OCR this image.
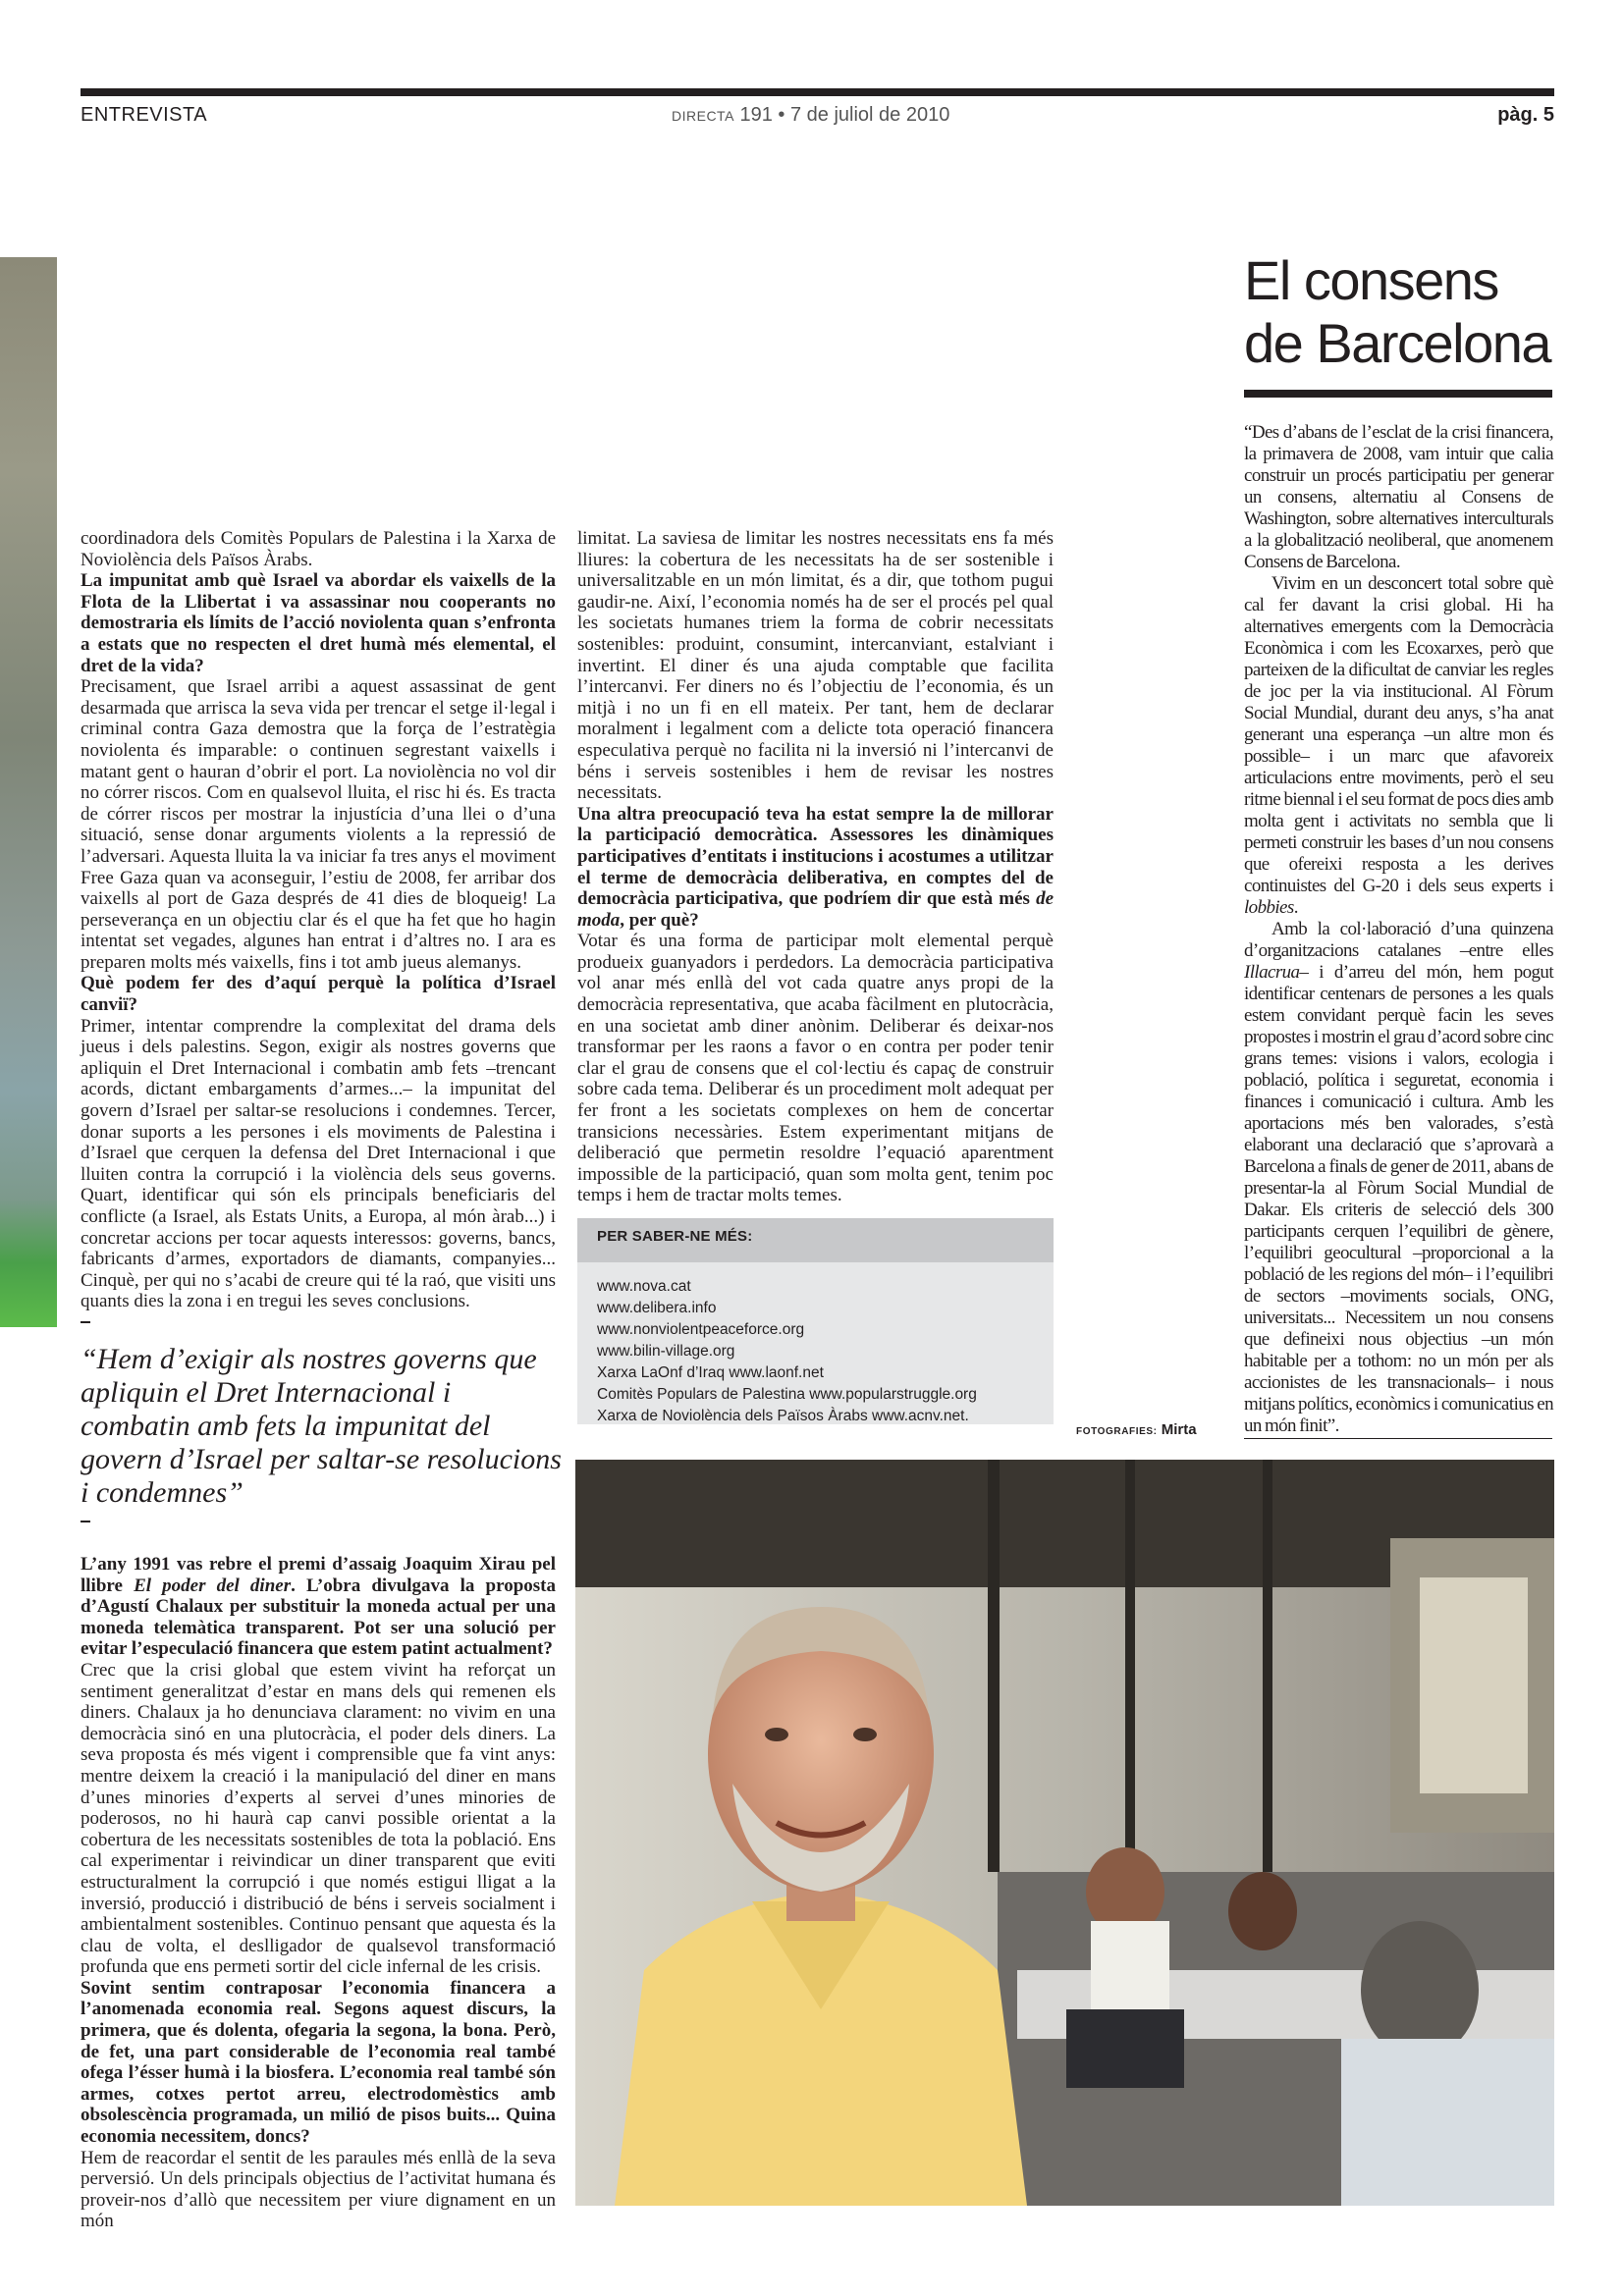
ENTREVISTA	DIRECTA 191 • 7 de juliol de 2010	pàg. 5

coordinadora dels Comitès Populars de Palestina i la Xarxa de Noviolència dels Països Àrabs.

La impunitat amb què Israel va abordar els vaixells de la Flota de la Llibertat i va assassinar nou cooperants no demostraria els límits de l’acció noviolenta quan s’enfronta a estats que no respecten el dret humà més elemental, el dret de la vida?

Precisament, que Israel arribi a aquest assassinat de gent desarmada que arrisca la seva vida per trencar el setge il·legal i criminal contra Gaza demostra que la força de l’estratègia noviolenta és imparable: o continuen segrestant vaixells i matant gent o hauran d’obrir el port. La noviolència no vol dir no córrer riscos. Com en qualsevol lluita, el risc hi és. Es tracta de córrer riscos per mostrar la injustícia d’una llei o d’una situació, sense donar arguments violents a la repressió de l’adversari. Aquesta lluita la va iniciar fa tres anys el moviment Free Gaza quan va aconseguir, l’estiu de 2008, fer arribar dos vaixells al port de Gaza després de 41 dies de bloqueig! La perseverança en un objectiu clar és el que ha fet que ho hagin intentat set vegades, algunes han entrat i d’altres no. I ara es preparen molts més vaixells, fins i tot amb jueus alemanys.

Què podem fer des d’aquí perquè la política d’Israel canviï?

Primer, intentar comprendre la complexitat del drama dels jueus i dels palestins. Segon, exigir als nostres governs que apliquin el Dret Internacional i combatin amb fets –trencant acords, dictant embargaments d’armes...– la impunitat del govern d’Israel per saltar-se resolucions i condemnes. Tercer, donar suports a les persones i els moviments de Palestina i d’Israel que cerquen la defensa del Dret Internacional i que lluiten contra la corrupció i la violència dels seus governs. Quart, identificar qui són els principals beneficiaris del conflicte (a Israel, als Estats Units, a Europa, al món àrab...) i concretar accions per tocar aquests interessos: governs, bancs, fabricants d’armes, exportadors de diamants, companyies... Cinquè, per qui no s’acabi de creure qui té la raó, que visiti uns quants dies la zona i en tregui les seves conclusions.

“Hem d’exigir als nostres governs que apliquin el Dret Internacional i combatin amb fets la impunitat del govern d’Israel per saltar-se resolucions i condemnes”

L’any 1991 vas rebre el premi d’assaig Joaquim Xirau pel llibre El poder del diner. L’obra divulgava la proposta d’Agustí Chalaux per substituir la moneda actual per una moneda telemàtica transparent. Pot ser una solució per evitar l’especulació financera que estem patint actualment?

Crec que la crisi global que estem vivint ha reforçat un sentiment generalitzat d’estar en mans dels qui remenen els diners. Chalaux ja ho denunciava clarament: no vivim en una democràcia sinó en una plutocràcia, el poder dels diners. La seva proposta és més vigent i comprensible que fa vint anys: mentre deixem la creació i la manipulació del diner en mans d’unes minories d’experts al servei d’unes minories de poderosos, no hi haurà cap canvi possible orientat a la cobertura de les necessitats sostenibles de tota la població. Ens cal experimentar i reivindicar un diner transparent que eviti estructuralment la corrupció i que només estigui lligat a la inversió, producció i distribució de béns i serveis socialment i ambientalment sostenibles. Continuo pensant que aquesta és la clau de volta, el deslligador de qualsevol transformació profunda que ens permeti sortir del cicle infernal de les crisis.

Sovint sentim contraposar l’economia financera a l’anomenada economia real. Segons aquest discurs, la primera, que és dolenta, ofegaria la segona, la bona. Però, de fet, una part considerable de l’economia real també ofega l’ésser humà i la biosfera. L’economia real també són armes, cotxes pertot arreu, electrodomèstics amb obsolescència programada, un milió de pisos buits... Quina economia necessitem, doncs?

Hem de reacordar el sentit de les paraules més enllà de la seva perversió. Un dels principals objectius de l’activitat humana és proveir-nos d’allò que necessitem per viure dignament en un món

limitat. La saviesa de limitar les nostres necessitats ens fa més lliures: la cobertura de les necessitats ha de ser sostenible i universalitzable en un món limitat, és a dir, que tothom pugui gaudir-ne. Així, l’economia només ha de ser el procés pel qual les societats humanes triem la forma de cobrir necessitats sostenibles: produint, consumint, intercanviant, estalviant i invertint. El diner és una ajuda comptable que facilita l’intercanvi. Fer diners no és l’objectiu de l’economia, és un mitjà i no un fi en ell mateix. Per tant, hem de declarar moralment i legalment com a delicte tota operació financera especulativa perquè no facilita ni la inversió ni l’intercanvi de béns i serveis sostenibles i hem de revisar les nostres necessitats.

Una altra preocupació teva ha estat sempre la de millorar la participació democràtica. Assessores les dinàmiques participatives d’entitats i institucions i acostumes a utilitzar el terme de democràcia deliberativa, en comptes del de democràcia participativa, que podríem dir que està més de moda, per què?

Votar és una forma de participar molt elemental perquè produeix guanyadors i perdedors. La democràcia participativa vol anar més enllà del vot cada quatre anys propi de la democràcia representativa, que acaba fàcilment en plutocràcia, en una societat amb diner anònim. Deliberar és deixar-nos transformar per les raons a favor o en contra per poder tenir clar el grau de consens que el col·lectiu és capaç de construir sobre cada tema. Deliberar és un procediment molt adequat per fer front a les societats complexes on hem de concertar transicions necessàries. Estem experimentant mitjans de deliberació que permetin resoldre l’equació aparentment impossible de la participació, quan som molta gent, tenim poc temps i hem de tractar molts temes.

PER SABER-NE MÉS:
www.nova.cat
www.delibera.info
www.nonviolentpeaceforce.org
www.bilin-village.org
Xarxa LaOnf d’Iraq www.laonf.net
Comitès Populars de Palestina www.popularstruggle.org
Xarxa de Noviolència dels Països Àrabs www.acnv.net.
FOTOGRAFIES: Mirta
El consens
de Barcelona

“Des d’abans de l’esclat de la crisi financera, la primavera de 2008, vam intuir que calia construir un procés participatiu per generar un consens, alternatiu al Consens de Washington, sobre alternatives interculturals a la globalització neoliberal, que anomenem Consens de Barcelona.

Vivim en un desconcert total sobre què cal fer davant la crisi global. Hi ha alternatives emergents com la Democràcia Econòmica i com les Ecoxarxes, però que parteixen de la dificultat de canviar les regles de joc per la via institucional. Al Fòrum Social Mundial, durant deu anys, s’ha anat generant una esperança –un altre mon és possible– i un marc que afavoreix articulacions entre moviments, però el seu ritme biennal i el seu format de pocs dies amb molta gent i activitats no sembla que li permeti construir les bases d’un nou consens que ofereixi resposta a les derives continuistes del G-20 i dels seus experts i lobbies.

Amb la col·laboració d’una quinzena d’organitzacions catalanes –entre elles Illacrua– i d’arreu del món, hem pogut identificar centenars de persones a les quals estem convidant perquè facin les seves propostes i mostrin el grau d’acord sobre cinc grans temes: visions i valors, ecologia i població, política i seguretat, economia i finances i comunicació i cultura. Amb les aportacions més ben valorades, s’està elaborant una declaració que s’aprovarà a Barcelona a finals de gener de 2011, abans de presentar-la al Fòrum Social Mundial de Dakar. Els criteris de selecció dels 300 participants cerquen l’equilibri de gènere, l’equilibri geocultural –proporcional a la població de les regions del món– i l’equilibri de sectors –moviments socials, ONG, universitats... Necessitem un nou consens que defineixi nous objectius –un món habitable per a tothom: no un món per als accionistes de les transnacionals– i nous mitjans polítics, econòmics i comunicatius en un món finit”.
